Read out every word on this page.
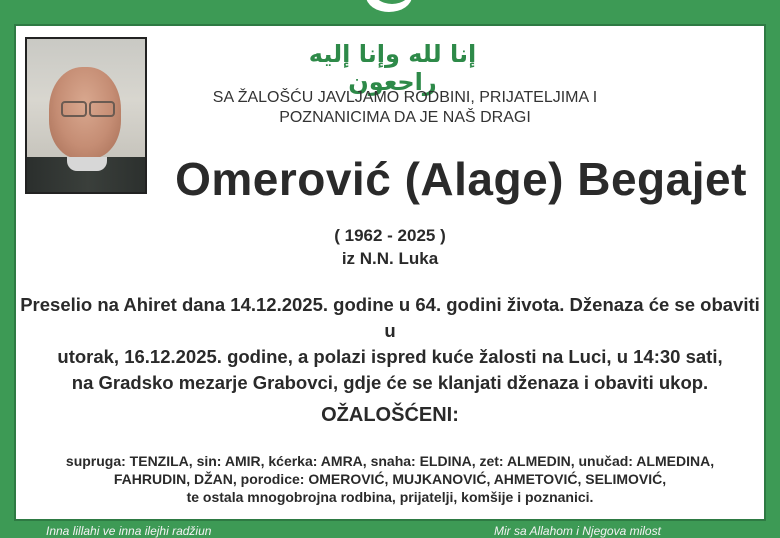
إنا لله وإنا إليه راجعون
SA ŽALOŠĆU JAVLJAMO RODBINI, PRIJATELJIMA I
POZNANICIMA DA JE NAŠ DRAGI
Omerović (Alage) Begajet
( 1962 - 2025 )
iz N.N. Luka
Preselio na Ahiret dana 14.12.2025. godine u 64. godini života. Dženaza će se obaviti u
utorak, 16.12.2025. godine, a polazi ispred kuće žalosti na Luci, u 14:30 sati,
na Gradsko mezarje Grabovci, gdje će se klanjati dženaza i obaviti ukop.
OŽALOŠĆENI:
supruga: TENZILA, sin: AMIR, kćerka: AMRA, snaha: ELDINA, zet: ALMEDIN, unučad: ALMEDINA,
FAHRUDIN, DŽAN, porodice: OMEROVIĆ, MUJKANOVIĆ, AHMETOVIĆ, SELIMOVIĆ,
te ostala mnogobrojna rodbina, prijatelji, komšije i poznanici.
Inna lillahi ve inna ilejhi radžiun	Mir sa Allahom i Njegova milost
